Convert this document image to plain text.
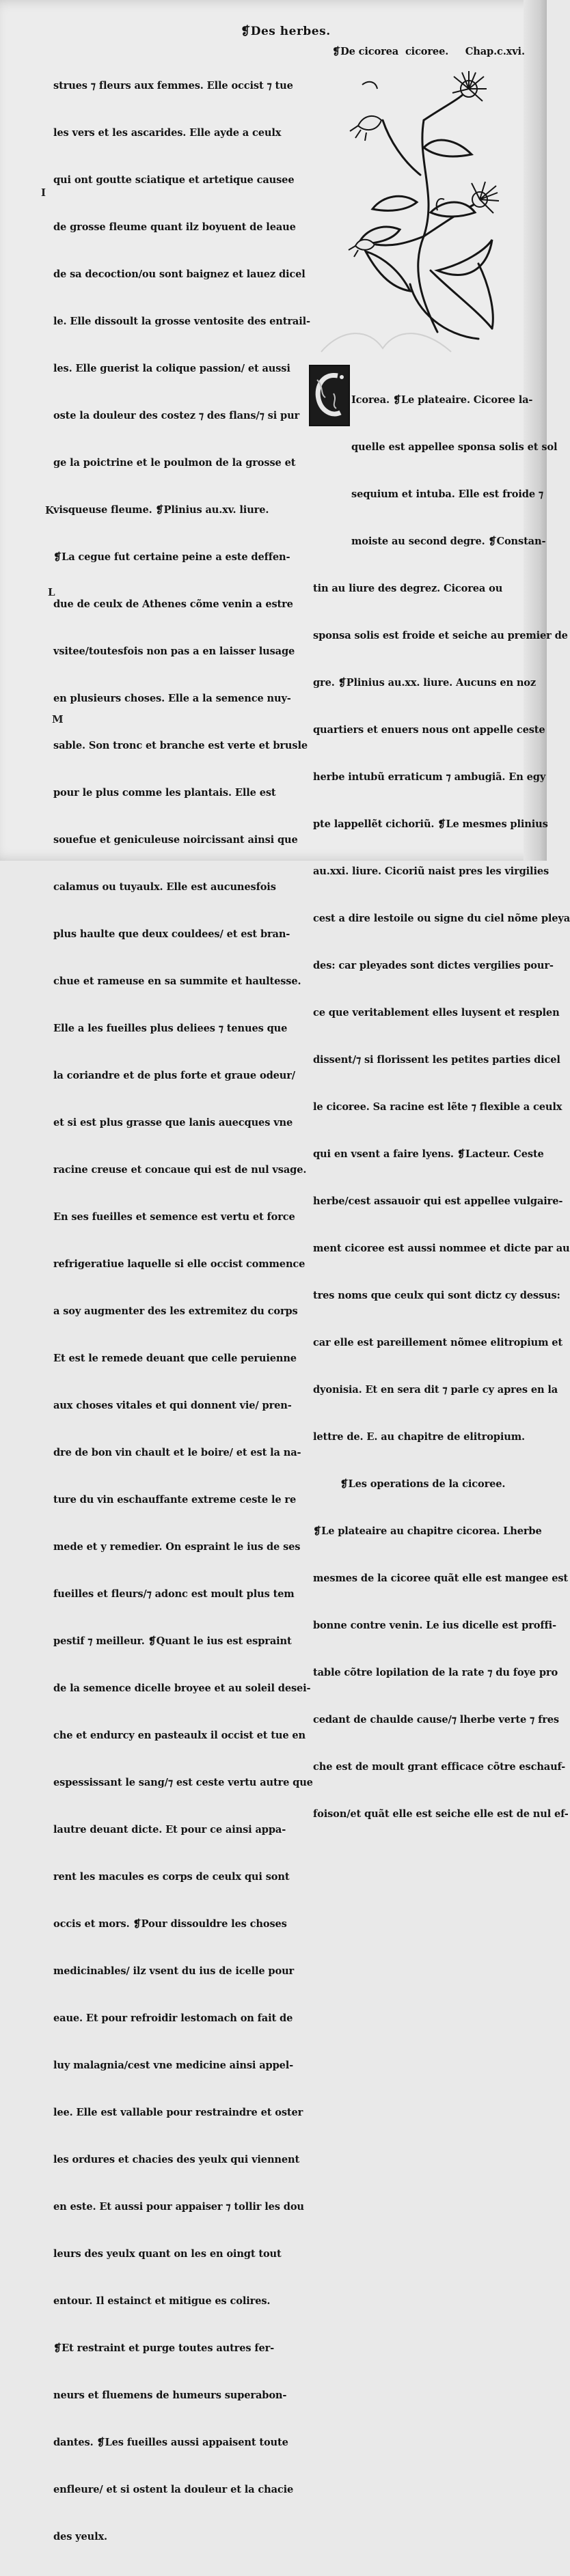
❡Des herbes.
I
K
L
M

strues ⁊ fleurs aux femmes. Elle occist ⁊ tue

les vers et les ascarides. Elle ayde a ceulx

qui ont goutte sciatique et artetique causee

de grosse fleume quant ilz boyuent de leaue

de sa decoction/ou sont baignez et lauez dicel

le. Elle dissoult la grosse ventosite des entrail-

les. Elle guerist la colique passion/ et aussi

oste la douleur des costez ⁊ des flans/⁊ si pur

ge la poictrine et le poulmon de la grosse et

visqueuse fleume. ❡Plinius au.xv. liure.

❡La cegue fut certaine peine a este deffen-

due de ceulx de Athenes cõme venin a estre

vsitee/toutesfois non pas a en laisser lusage

en plusieurs choses. Elle a la semence nuy-

sable. Son tronc et branche est verte et brusle

pour le plus comme les plantais. Elle est

souefue et geniculeuse noircissant ainsi que

calamus ou tuyaulx. Elle est aucunesfois

plus haulte que deux couldees/ et est bran-

chue et rameuse en sa summite et haultesse.

Elle a les fueilles plus deliees ⁊ tenues que

la coriandre et de plus forte et graue odeur/

et si est plus grasse que lanis auecques vne

racine creuse et concaue qui est de nul vsage.

En ses fueilles et semence est vertu et force

refrigeratiue laquelle si elle occist commence

a soy augmenter des les extremitez du corps

Et est le remede deuant que celle peruienne

aux choses vitales et qui donnent vie/ pren-

dre de bon vin chault et le boire/ et est la na-

ture du vin eschauffante extreme ceste le re

mede et y remedier. On espraint le ius de ses

fueilles et fleurs/⁊ adonc est moult plus tem

pestif ⁊ meilleur. ❡Quant le ius est espraint

de la semence dicelle broyee et au soleil desei-

che et endurcy en pasteaulx il occist et tue en

espessissant le sang/⁊ est ceste vertu autre que

lautre deuant dicte. Et pour ce ainsi appa-

rent les macules es corps de ceulx qui sont

occis et mors. ❡Pour dissouldre les choses

medicinables/ ilz vsent du ius de icelle pour

eaue. Et pour refroidir lestomach on fait de

luy malagnia/cest vne medicine ainsi appel-

lee. Elle est vallable pour restraindre et oster

les ordures et chacies des yeulx qui viennent

en este. Et aussi pour appaiser ⁊ tollir les dou

leurs des yeulx quant on les en oingt tout

entour. Il estainct et mitigue es colires.

❡Et restraint et purge toutes autres fer-

neurs et fluemens de humeurs superabon-

dantes. ❡Les fueilles aussi appaisent toute

enfleure/ et si ostent la douleur et la chacie

des yeulx.

❡De cicorea  cicoree.     Chap.c.xvi.

Icorea. ❡Le plateaire. Cicoree la-

quelle est appellee sponsa solis et sol

sequium et intuba. Elle est froide ⁊

moiste au second degre. ❡Constan-

tin au liure des degrez. Cicorea ou

sponsa solis est froide et seiche au premier de

gre. ❡Plinius au.xx. liure. Aucuns en noz

quartiers et enuers nous ont appelle ceste

herbe intubũ erraticum ⁊ ambugiã. En egy

pte lappellẽt cichoriũ. ❡Le mesmes plinius

au.xxi. liure. Cicoriũ naist pres les virgilies

cest a dire lestoile ou signe du ciel nõme pleya

des: car pleyades sont dictes vergilies pour-

ce que veritablement elles luysent et resplen

dissent/⁊ si florissent les petites parties dicel

le cicoree. Sa racine est lẽte ⁊ flexible a ceulx

qui en vsent a faire lyens. ❡Lacteur. Ceste

herbe/cest assauoir qui est appellee vulgaire-

ment cicoree est aussi nommee et dicte par au

tres noms que ceulx qui sont dictz cy dessus:

car elle est pareillement nõmee elitropium et

dyonisia. Et en sera dit ⁊ parle cy apres en la

lettre de. E. au chapitre de elitropium.

❡Les operations de la cicoree.

❡Le plateaire au chapitre cicorea. Lherbe

mesmes de la cicoree quãt elle est mangee est

bonne contre venin. Le ius dicelle est proffi-

table cõtre lopilation de la rate ⁊ du foye pro

cedant de chaulde cause/⁊ lherbe verte ⁊ fres

che est de moult grant efficace cõtre eschauf-

foison/et quãt elle est seiche elle est de nul ef-
